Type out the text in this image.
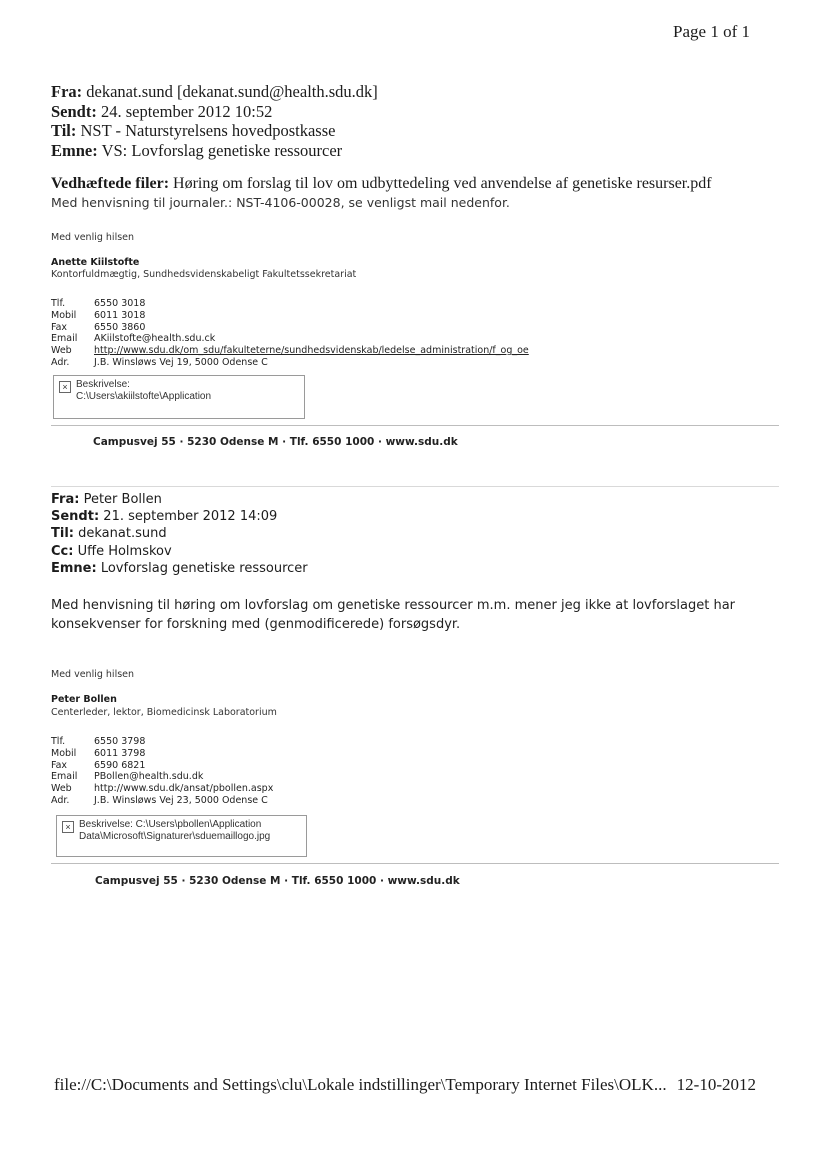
Page 1 of 1
Fra: dekanat.sund [dekanat.sund@health.sdu.dk]
Sendt: 24. september 2012 10:52
Til: NST - Naturstyrelsens hovedpostkasse
Emne: VS: Lovforslag genetiske ressourcer
Vedhæftede filer: Høring om forslag til lov om udbyttedeling ved anvendelse af genetiske resurser.pdf
Med henvisning til journaler.: NST-4106-00028, se venligst mail nedenfor.
Med venlig hilsen
Anette Kiilstofte
Kontorfuldmægtig, Sundhedsvidenskabeligt Fakultetssekretariat
Tlf.	6550 3018
Mobil 6011 3018
Fax	6550 3860
Email AKiilstofte@health.sdu.ck
Web http://www.sdu.dk/om_sdu/fakulteterne/sundhedsvidenskab/ledelse_administration/f_og_oe
Adr.	J.B. Winsløws Vej 19, 5000 Odense C
× Beskrivelse:
C:\Users\akiilstofte\Application
Campusvej 55 · 5230 Odense M · Tlf. 6550 1000 · www.sdu.dk
Fra: Peter Bollen
Sendt: 21. september 2012 14:09
Til: dekanat.sund
Cc: Uffe Holmskov
Emne: Lovforslag genetiske ressourcer
Med henvisning til høring om lovforslag om genetiske ressourcer m.m. mener jeg ikke at lovforslaget har
konsekvenser for forskning med (genmodificerede) forsøgsdyr.
Med venlig hilsen
Peter Bollen
Centerleder, lektor, Biomedicinsk Laboratorium
Tlf.	6550 3798
Mobil 6011 3798
Fax	6590 6821
Email PBollen@health.sdu.dk
Web http://www.sdu.dk/ansat/pbollen.aspx
Adr.	J.B. Winsløws Vej 23, 5000 Odense C
× Beskrivelse: C:\Users\pbollen\Application
Data\Microsoft\Signaturer\sduemaillogo.jpg
Campusvej 55 · 5230 Odense M · Tlf. 6550 1000 · www.sdu.dk
file://C:\Documents and Settings\clu\Lokale indstillinger\Temporary Internet Files\OLK... 12-10-2012
